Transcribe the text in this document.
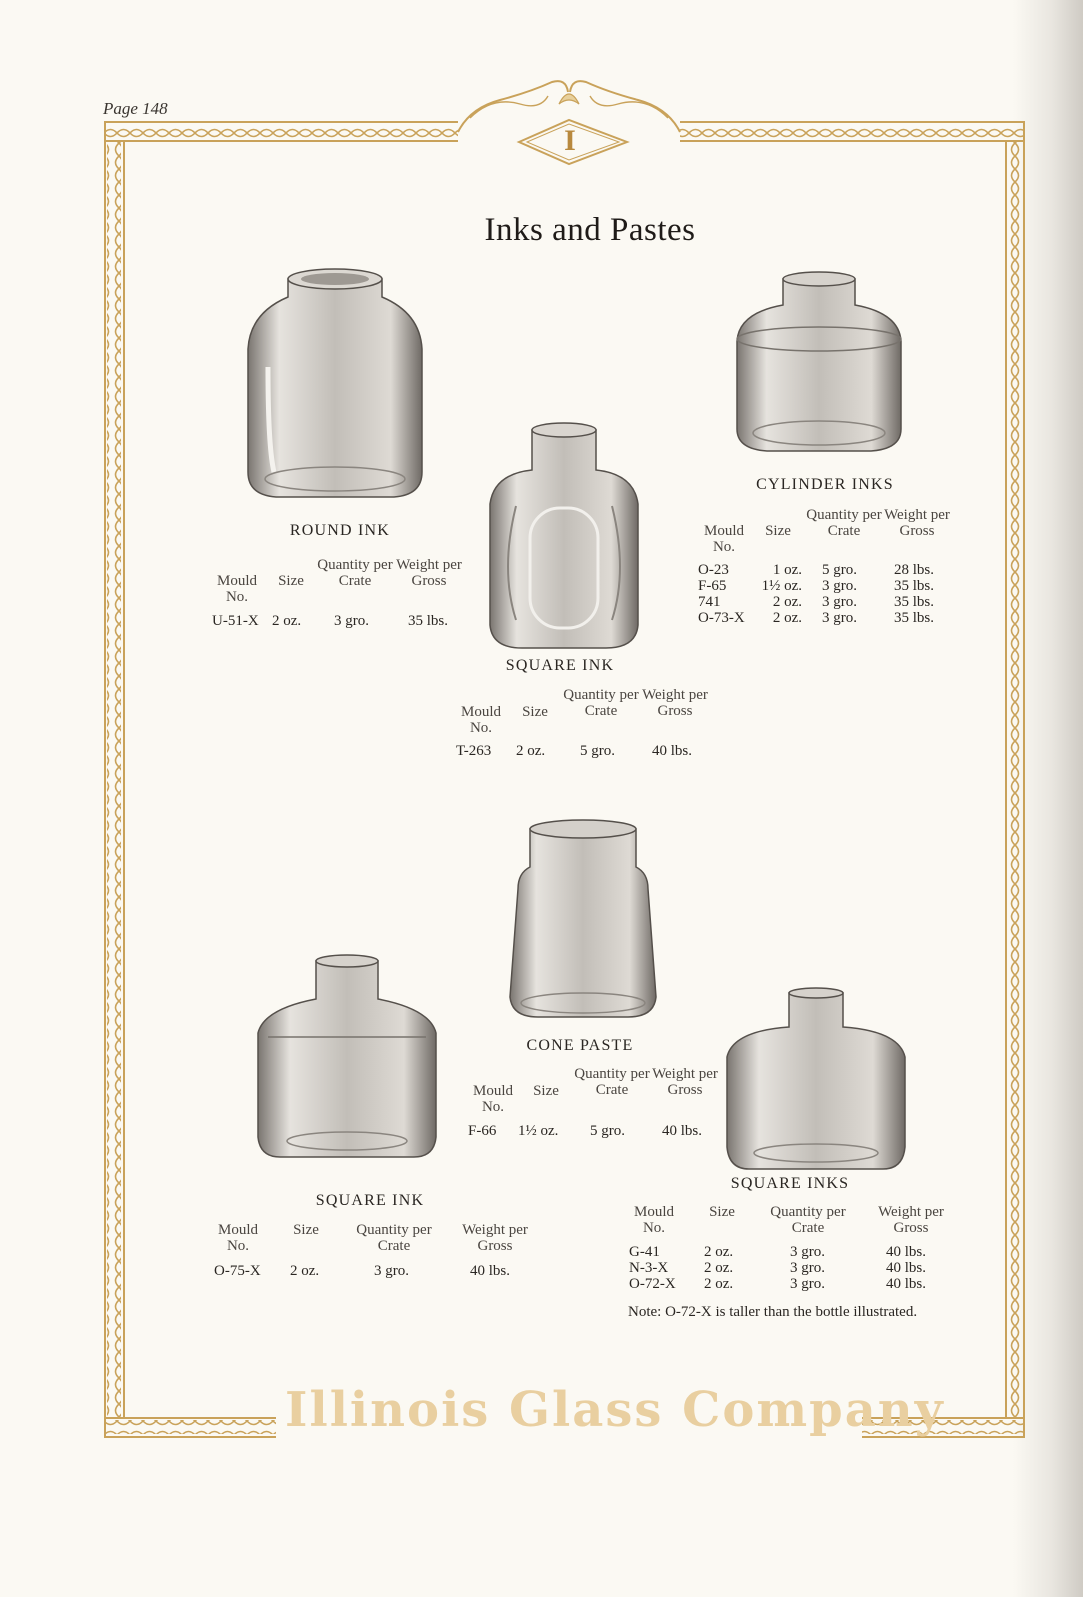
I
Page 148
Inks and Pastes
ROUND INK
Mould No.
Size
Quantity per Crate
Weight per Gross
U-51-X 2 oz. 3 gro.	35 lbs.
CYLINDER INKS
Mould No.
Size
Quantity per Crate
Weight per Gross
O-23	1 oz. 5 gro. 28 lbs.
F-65	1½ oz. 3 gro. 35 lbs.
741	2 oz. 3 gro. 35 lbs.
O-73-X	2 oz. 3 gro. 35 lbs.
SQUARE INK
Mould No.
Size
Quantity per Crate
Weight per Gross
T-263 2 oz. 5 gro. 40 lbs.
CONE PASTE
Mould No.
Size
Quantity per Crate
Weight per Gross
F-66 1½ oz. 5 gro. 40 lbs.
SQUARE INK
Mould No.
Size	Quantity per Crate
Weight per Gross
O-75-X 2 oz.	3 gro.	40 lbs.
SQUARE INKS
Mould No.
Size	Quantity per Crate
Weight per Gross
G-41	2 oz.	3 gro.	40 lbs.
N-3-X 2 oz.	3 gro.	40 lbs.
O-72-X 2 oz.	3 gro.	40 lbs.
Note: O-72-X is taller than the bottle illustrated.
Illinois Glass Company
